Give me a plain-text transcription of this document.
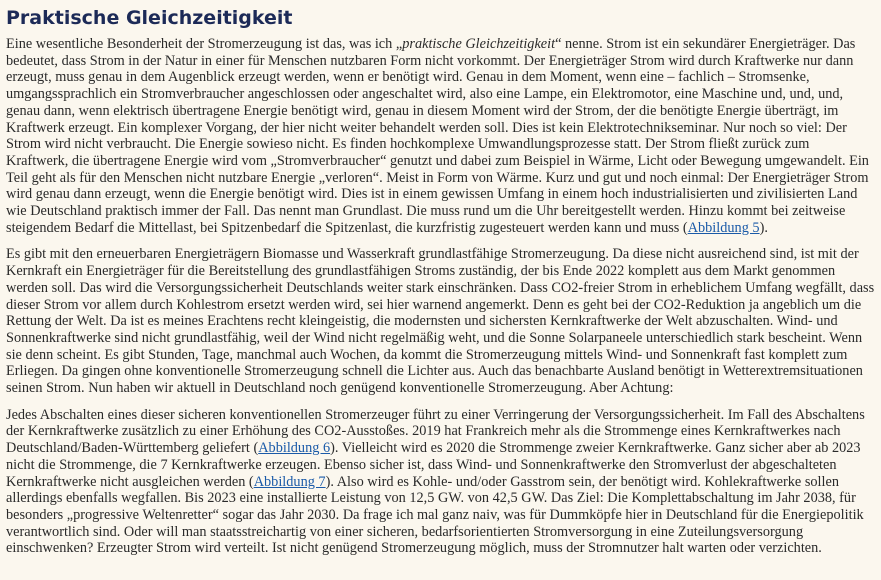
Praktische Gleichzeitigkeit

Eine wesentliche Besonderheit der Stromerzeugung ist das, was ich „praktische Gleichzeitigkeit“ nenne. Strom ist ein sekundärer Energieträger. Das bedeutet, dass Strom in der Natur in einer für Menschen nutzbaren Form nicht vorkommt. Der Energieträger Strom wird durch Kraftwerke nur dann erzeugt, muss genau in dem Augenblick erzeugt werden, wenn er benötigt wird. Genau in dem Moment, wenn eine – fachlich – Stromsenke, umgangssprachlich ein Stromverbraucher angeschlossen oder angeschaltet wird, also eine Lampe, ein Elektromotor, eine Maschine und, und, und, genau dann, wenn elektrisch übertragene Energie benötigt wird, genau in diesem Moment wird der Strom, der die benötigte Energie überträgt, im Kraftwerk erzeugt. Ein komplexer Vorgang, der hier nicht weiter behandelt werden soll. Dies ist kein Elektrotechnikseminar. Nur noch so viel: Der Strom wird nicht verbraucht. Die Energie sowieso nicht. Es finden hochkomplexe Umwandlungsprozesse statt. Der Strom fließt zurück zum Kraftwerk, die übertragene Energie wird vom „Stromverbraucher“ genutzt und dabei zum Beispiel in Wärme, Licht oder Bewegung umgewandelt. Ein Teil geht als für den Menschen nicht nutzbare Energie „verloren“. Meist in Form von Wärme. Kurz und gut und noch einmal: Der Energieträger Strom wird genau dann erzeugt, wenn die Energie benötigt wird. Dies ist in einem gewissen Umfang in einem hoch industrialisierten und zivilisierten Land wie Deutschland praktisch immer der Fall. Das nennt man Grundlast. Die muss rund um die Uhr bereitgestellt werden. Hinzu kommt bei zeitweise steigendem Bedarf die Mittellast, bei Spitzenbedarf die Spitzenlast, die kurzfristig zugesteuert werden kann und muss (Abbildung 5).

Es gibt mit den erneuerbaren Energieträgern Biomasse und Wasserkraft grundlastfähige Stromerzeugung. Da diese nicht ausreichend sind, ist mit der Kernkraft ein Energieträger für die Bereitstellung des grundlastfähigen Stroms zuständig, der bis Ende 2022 komplett aus dem Markt genommen werden soll. Das wird die Versorgungssicherheit Deutschlands weiter stark einschränken. Dass CO2-freier Strom in erheblichem Umfang wegfällt, dass dieser Strom vor allem durch Kohlestrom ersetzt werden wird, sei hier warnend angemerkt. Denn es geht bei der CO2-Reduktion ja angeblich um die Rettung der Welt. Da ist es meines Erachtens recht kleingeistig, die modernsten und sichersten Kernkraftwerke der Welt abzuschalten. Wind- und Sonnenkraftwerke sind nicht grundlastfähig, weil der Wind nicht regelmäßig weht, und die Sonne Solarpaneele unterschiedlich stark bescheint. Wenn sie denn scheint. Es gibt Stunden, Tage, manchmal auch Wochen, da kommt die Stromerzeugung mittels Wind- und Sonnenkraft fast komplett zum Erliegen. Da gingen ohne konventionelle Stromerzeugung schnell die Lichter aus. Auch das benachbarte Ausland benötigt in Wetterextremsituationen seinen Strom. Nun haben wir aktuell in Deutschland noch genügend konventionelle Stromerzeugung. Aber Achtung:

Jedes Abschalten eines dieser sicheren konventionellen Stromerzeuger führt zu einer Verringerung der Versorgungssicherheit. Im Fall des Abschaltens der Kernkraftwerke zusätzlich zu einer Erhöhung des CO2-Ausstoßes. 2019 hat Frankreich mehr als die Strommenge eines Kernkraftwerkes nach Deutschland/Baden-Württemberg geliefert (Abbildung 6). Vielleicht wird es 2020 die Strommenge zweier Kernkraftwerke. Ganz sicher aber ab 2023 nicht die Strommenge, die 7 Kernkraftwerke erzeugen. Ebenso sicher ist, dass Wind- und Sonnenkraftwerke den Stromverlust der abgeschalteten Kernkraftwerke nicht ausgleichen werden (Abbildung 7). Also wird es Kohle- und/oder Gasstrom sein, der benötigt wird. Kohlekraftwerke sollen allerdings ebenfalls wegfallen. Bis 2023 eine installierte Leistung von 12,5 GW. von 42,5 GW. Das Ziel: Die Komplettabschaltung im Jahr 2038, für besonders „progressive Weltenretter“ sogar das Jahr 2030. Da frage ich mal ganz naiv, was für Dummköpfe hier in Deutschland für die Energiepolitik verantwortlich sind. Oder will man staatsstreichartig von einer sicheren, bedarfsorientierten Stromversorgung in eine Zuteilungsversorgung einschwenken? Erzeugter Strom wird verteilt. Ist nicht genügend Stromerzeugung möglich, muss der Stromnutzer halt warten oder verzichten.
